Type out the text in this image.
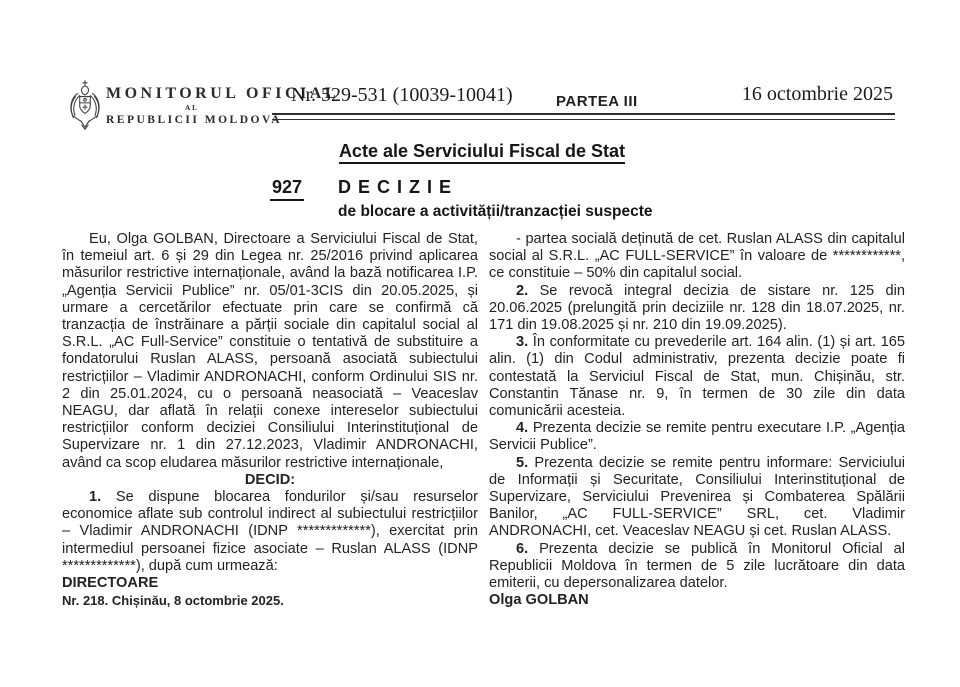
MONITORUL OFICIAL
AL
REPUBLICII MOLDOVA
Nr. 529-531 (10039-10041)	PARTEA III	16 octombrie 2025
Acte ale Serviciului Fiscal de Stat
927 DECIZIE
de blocare a activității/tranzacției suspecte

Eu, Olga GOLBAN, Directoare a Serviciului Fiscal de Stat, în temeiul art. 6 și 29 din Legea nr. 25/2016 privind aplicarea măsurilor restrictive internaționale, având la bază notificarea I.P. „Agenția Servicii Publice” nr. 05/01-3CIS din 20.05.2025, și urmare a cercetărilor efectuate prin care se confirmă că tranzacția de înstrăinare a părții sociale din capitalul social al S.R.L. „AC Full-Service” constituie o tentativă de substituire a fondatorului Ruslan ALASS, persoană asociată subiectului restricțiilor – Vladimir ANDRONACHI, conform Ordinului SIS nr. 2 din 25.01.2024, cu o persoană neasociată – Veaceslav NEAGU, dar aflată în relații conexe intereselor subiectului restricțiilor conform deciziei Consiliului Interinstituțional de Supervizare nr. 1 din 27.12.2023, Vladimir ANDRONACHI, având ca scop eludarea măsurilor restrictive internaționale,

DECID:

1. Se dispune blocarea fondurilor și/sau resurselor economice aflate sub controlul indirect al subiectului restricțiilor – Vladimir ANDRONACHI (IDNP *************), exercitat prin intermediul persoanei fizice asociate – Ruslan ALASS (IDNP *************), după cum urmează:

DIRECTOARE

Nr. 218. Chișinău, 8 octombrie 2025.

- partea socială deținută de cet. Ruslan ALASS din capitalul social al S.R.L. „AC FULL-SERVICE” în valoare de ************, ce constituie – 50% din capitalul social.

2. Se revocă integral decizia de sistare nr. 125 din 20.06.2025 (prelungită prin deciziile nr. 128 din 18.07.2025, nr. 171 din 19.08.2025 și nr. 210 din 19.09.2025).

3. În conformitate cu prevederile art. 164 alin. (1) și art. 165 alin. (1) din Codul administrativ, prezenta decizie poate fi contestată la Serviciul Fiscal de Stat, mun. Chișinău, str. Constantin Tănase nr. 9, în termen de 30 zile din data comunicării acesteia.

4. Prezenta decizie se remite pentru executare I.P. „Agenția Servicii Publice”.

5. Prezenta decizie se remite pentru informare: Serviciului de Informații și Securitate, Consiliului Interinstituțional de Supervizare, Serviciului Prevenirea și Combaterea Spălării Banilor, „AC FULL-SERVICE” SRL, cet. Vladimir ANDRONACHI, cet. Veaceslav NEAGU și cet. Ruslan ALASS.

6. Prezenta decizie se publică în Monitorul Oficial al Republicii Moldova în termen de 5 zile lucrătoare din data emiterii, cu depersonalizarea datelor.

Olga GOLBAN
